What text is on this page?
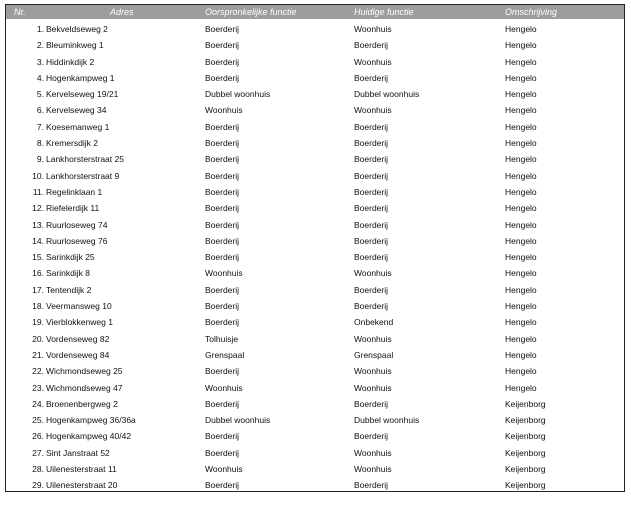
Nr.	Adres	Oorspronkelijke functie	Huidige functie	Omschrijving
1. Bekveldseweg 2	Boerderij	Woonhuis	Hengelo
2. Bleuminkweg 1	Boerderij	Boerderij	Hengelo
3. Hiddinkdijk 2	Boerderij	Woonhuis	Hengelo
4. Hogenkampweg 1	Boerderij	Boerderij	Hengelo
5. Kervelseweg 19/21	Dubbel woonhuis	Dubbel woonhuis	Hengelo
6. Kervelseweg 34	Woonhuis	Woonhuis	Hengelo
7. Koesemanweg 1	Boerderij	Boerderij	Hengelo
8. Kremersdijk 2	Boerderij	Boerderij	Hengelo
9. Lankhorsterstraat 25	Boerderij	Boerderij	Hengelo
10. Lankhorsterstraat 9	Boerderij	Boerderij	Hengelo
11. Regelinklaan 1	Boerderij	Boerderij	Hengelo
12. Riefelerdijk 11	Boerderij	Boerderij	Hengelo
13. Ruurloseweg 74	Boerderij	Boerderij	Hengelo
14. Ruurloseweg 76	Boerderij	Boerderij	Hengelo
15. Sarinkdijk 25	Boerderij	Boerderij	Hengelo
16. Sarinkdijk 8	Woonhuis	Woonhuis	Hengelo
17. Tentendijk 2	Boerderij	Boerderij	Hengelo
18. Veermansweg 10	Boerderij	Boerderij	Hengelo
19. Vierblokkenweg 1	Boerderij	Onbekend	Hengelo
20. Vordenseweg 82	Tolhuisje	Woonhuis	Hengelo
21. Vordenseweg 84	Grenspaal	Grenspaal	Hengelo
22. Wichmondseweg 25	Boerderij	Woonhuis	Hengelo
23. Wichmondseweg 47	Woonhuis	Woonhuis	Hengelo
24. Broenenbergweg 2	Boerderij	Boerderij	Keijenborg
25. Hogenkampweg 36/36a	Dubbel woonhuis	Dubbel woonhuis	Keijenborg
26. Hogenkampweg 40/42	Boerderij	Boerderij	Keijenborg
27. Sint Janstraat 52	Boerderij	Woonhuis	Keijenborg
28. Uilenesterstraat 11	Woonhuis	Woonhuis	Keijenborg
29. Uilenesterstraat 20	Boerderij	Boerderij	Keijenborg
